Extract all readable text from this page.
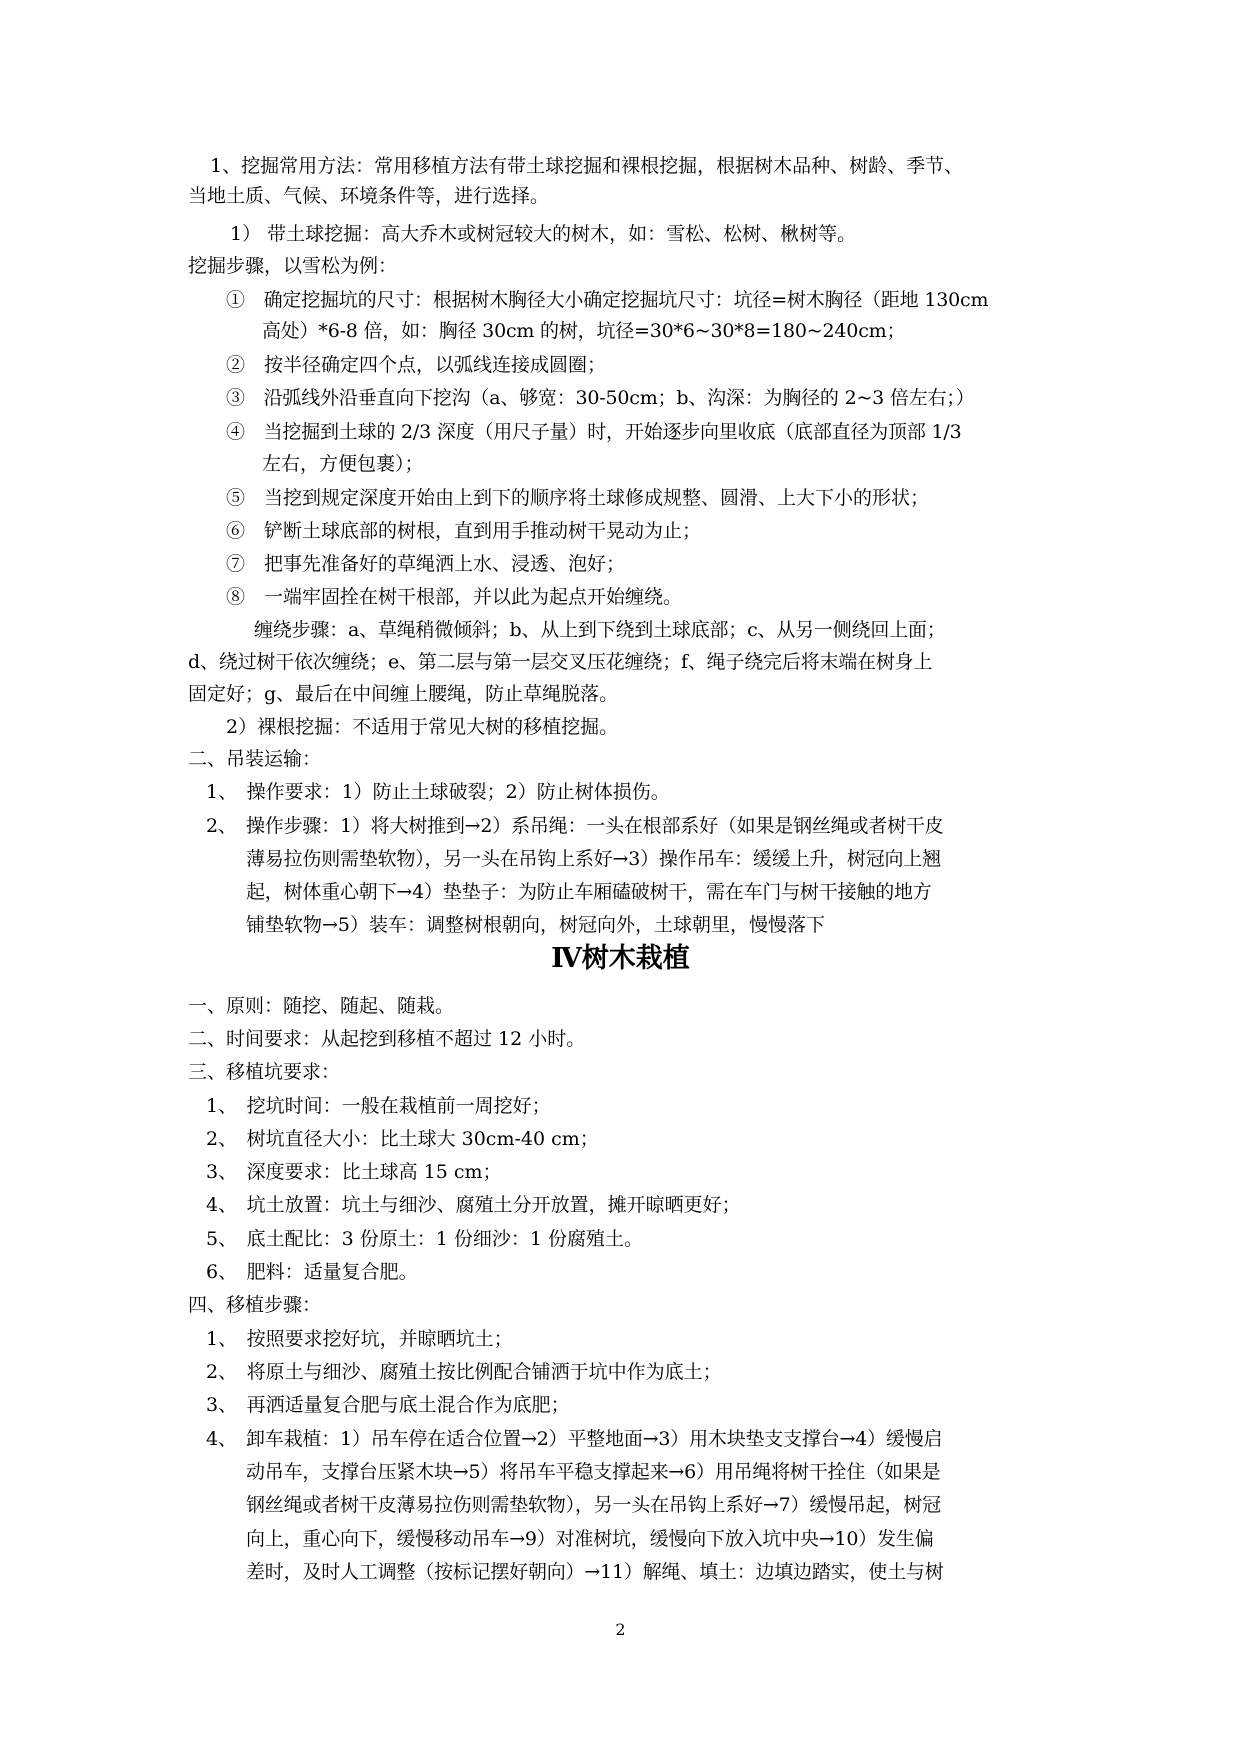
1、挖掘常用方法：常用移植方法有带土球挖掘和裸根挖掘，根据树木品种、树龄、季节、
当地土质、气候、环境条件等，进行选择。
1） 带土球挖掘：高大乔木或树冠较大的树木，如：雪松、松树、楸树等。
挖掘步骤，以雪松为例：
①　确定挖掘坑的尺寸：根据树木胸径大小确定挖掘坑尺寸：坑径=树木胸径（距地 130cm
高处）*6-8 倍，如：胸径 30cm 的树，坑径=30*6~30*8=180~240cm；
②　按半径确定四个点，以弧线连接成圆圈；
③　沿弧线外沿垂直向下挖沟（a、够宽：30-50cm；b、沟深：为胸径的 2~3 倍左右；）
④　当挖掘到土球的 2/3 深度（用尺子量）时，开始逐步向里收底（底部直径为顶部 1/3
左右，方便包裹）；
⑤　当挖到规定深度开始由上到下的顺序将土球修成规整、圆滑、上大下小的形状；
⑥　铲断土球底部的树根，直到用手推动树干晃动为止；
⑦　把事先准备好的草绳洒上水、浸透、泡好；
⑧　一端牢固拴在树干根部，并以此为起点开始缠绕。
缠绕步骤：a、草绳稍微倾斜；b、从上到下绕到土球底部；c、从另一侧绕回上面；
d、绕过树干依次缠绕；e、第二层与第一层交叉压花缠绕；f、绳子绕完后将末端在树身上
固定好；g、最后在中间缠上腰绳，防止草绳脱落。
2）裸根挖掘：不适用于常见大树的移植挖掘。
二、吊装运输：
1、　操作要求：1）防止土球破裂；2）防止树体损伤。
2、　操作步骤：1）将大树推到→2）系吊绳：一头在根部系好（如果是钢丝绳或者树干皮
薄易拉伤则需垫软物），另一头在吊钩上系好→3）操作吊车：缓缓上升，树冠向上翘
起，树体重心朝下→4）垫垫子：为防止车厢磕破树干，需在车门与树干接触的地方
铺垫软物→5）装车：调整树根朝向，树冠向外，土球朝里，慢慢落下
Ⅳ树木栽植
一、原则：随挖、随起、随栽。
二、时间要求：从起挖到移植不超过 12 小时。
三、移植坑要求：
1、　挖坑时间：一般在栽植前一周挖好；
2、　树坑直径大小：比土球大 30cm-40 cm；
3、　深度要求：比土球高 15 cm；
4、　坑土放置：坑土与细沙、腐殖土分开放置，摊开晾晒更好；
5、　底土配比：3 份原土：1 份细沙：1 份腐殖土。
6、　肥料：适量复合肥。
四、移植步骤：
1、　按照要求挖好坑，并晾晒坑土；
2、　将原土与细沙、腐殖土按比例配合铺洒于坑中作为底土；
3、　再洒适量复合肥与底土混合作为底肥；
4、　卸车栽植：1）吊车停在适合位置→2）平整地面→3）用木块垫支支撑台→4）缓慢启
动吊车，支撑台压紧木块→5）将吊车平稳支撑起来→6）用吊绳将树干拴住（如果是
钢丝绳或者树干皮薄易拉伤则需垫软物），另一头在吊钩上系好→7）缓慢吊起，树冠
向上，重心向下，缓慢移动吊车→9）对准树坑，缓慢向下放入坑中央→10）发生偏
差时，及时人工调整（按标记摆好朝向）→11）解绳、填土：边填边踏实，使土与树
2
